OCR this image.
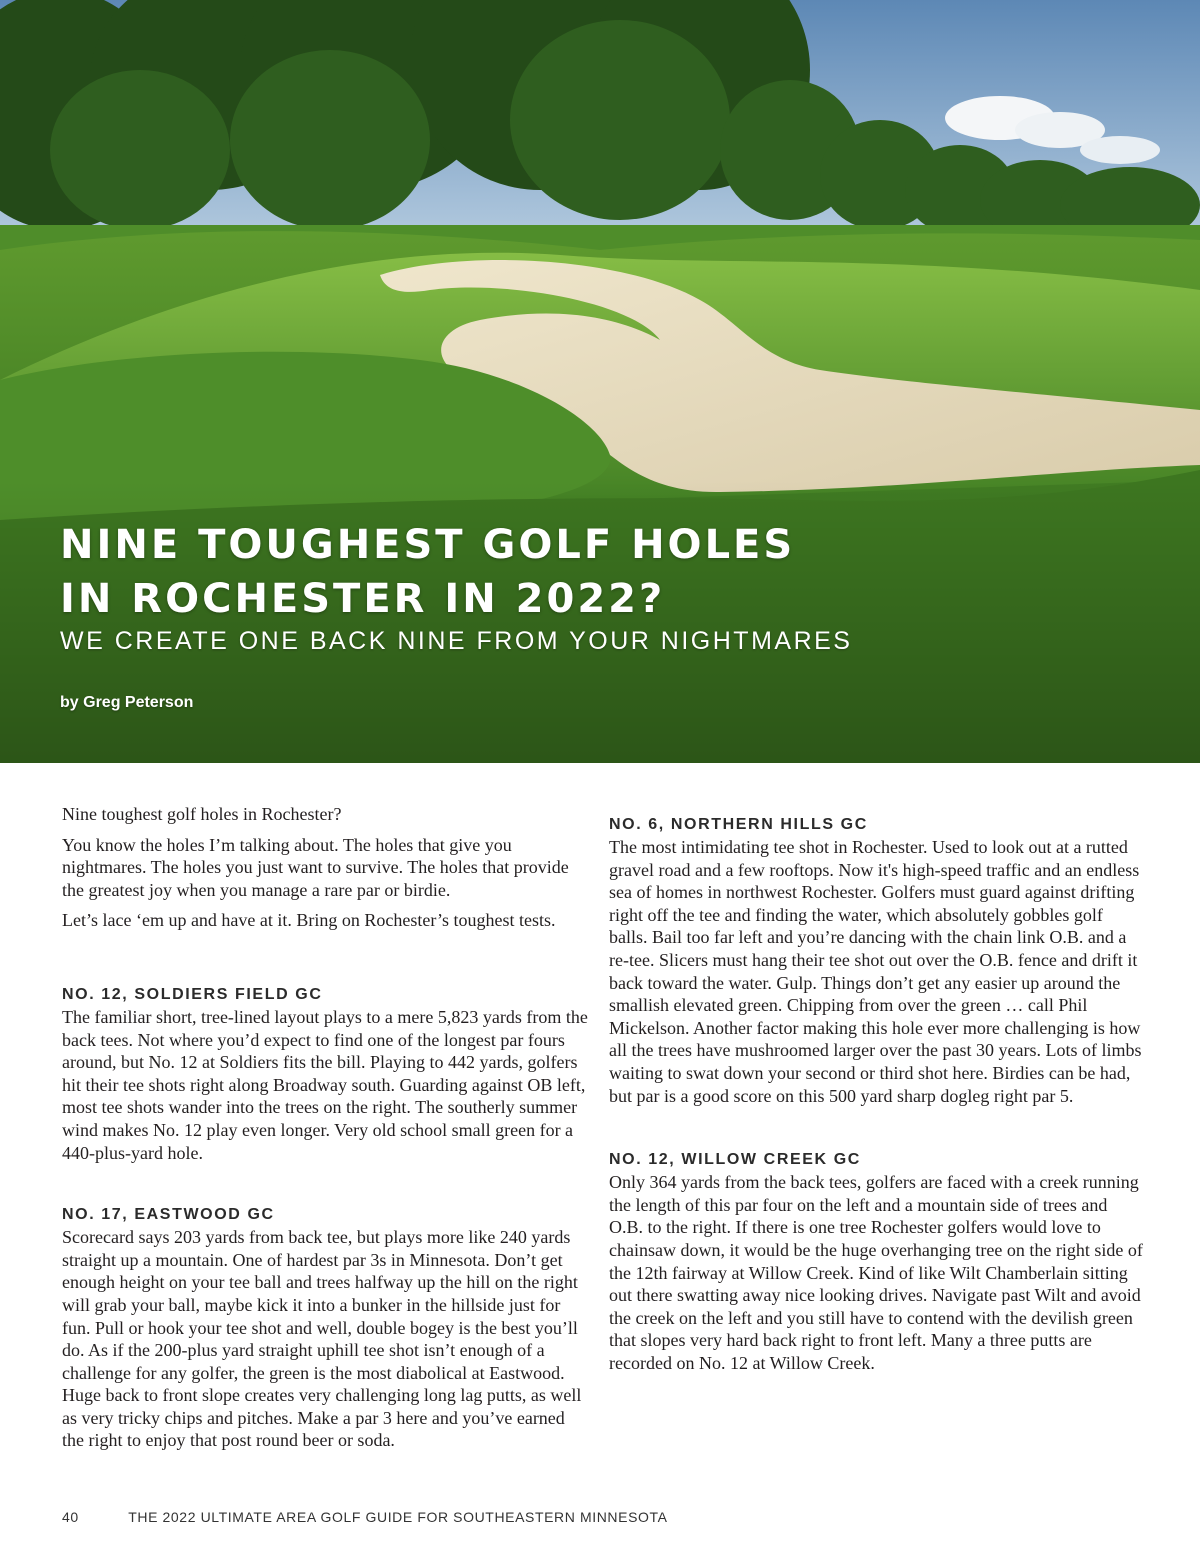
NINE TOUGHEST GOLF HOLES
IN ROCHESTER IN 2022?
WE CREATE ONE BACK NINE FROM YOUR NIGHTMARES
by Greg Peterson

Nine toughest golf holes in Rochester?

You know the holes I’m talking about. The holes that give you nightmares. The holes you just want to survive. The holes that provide the greatest joy when you manage a rare par or birdie.

Let’s lace ‘em up and have at it. Bring on Rochester’s toughest tests.

NO. 12, SOLDIERS FIELD GC

The familiar short, tree-lined layout plays to a mere 5,823 yards from the back tees. Not where you’d expect to find one of the longest par fours around, but No. 12 at Soldiers fits the bill. Playing to 442 yards, golfers hit their tee shots right along Broadway south. Guarding against OB left, most tee shots wander into the trees on the right. The southerly summer wind makes No. 12 play even longer. Very old school small green for a 440-plus-yard hole.

NO. 17, EASTWOOD GC

Scorecard says 203 yards from back tee, but plays more like 240 yards straight up a mountain. One of hardest par 3s in Minnesota. Don’t get enough height on your tee ball and trees halfway up the hill on the right will grab your ball, maybe kick it into a bunker in the hillside just for fun. Pull or hook your tee shot and well, double bogey is the best you’ll do. As if the 200-plus yard straight uphill tee shot isn’t enough of a challenge for any golfer, the green is the most diabolical at Eastwood. Huge back to front slope creates very challenging long lag putts, as well as very tricky chips and pitches. Make a par 3 here and you’ve earned the right to enjoy that post round beer or soda.

NO. 6, NORTHERN HILLS GC

The most intimidating tee shot in Rochester. Used to look out at a rutted gravel road and a few rooftops. Now it's high-speed traffic and an endless sea of homes in northwest Rochester. Golfers must guard against drifting right off the tee and finding the water, which absolutely gobbles golf balls. Bail too far left and you’re dancing with the chain link O.B. and a re-tee. Slicers must hang their tee shot out over the O.B. fence and drift it back toward the water. Gulp. Things don’t get any easier up around the smallish elevated green. Chipping from over the green … call Phil Mickelson. Another factor making this hole ever more challenging is how all the trees have mushroomed larger over the past 30 years. Lots of limbs waiting to swat down your second or third shot here. Birdies can be had, but par is a good score on this 500 yard sharp dogleg right par 5.

NO. 12, WILLOW CREEK GC

Only 364 yards from the back tees, golfers are faced with a creek running the length of this par four on the left and a mountain side of trees and O.B. to the right. If there is one tree Rochester golfers would love to chainsaw down, it would be the huge overhanging tree on the right side of the 12th fairway at Willow Creek. Kind of like Wilt Chamberlain sitting out there swatting away nice looking drives. Navigate past Wilt and avoid the creek on the left and you still have to contend with the devilish green that slopes very hard back right to front left. Many a three putts are recorded on No. 12 at Willow Creek.

40	THE 2022 ULTIMATE AREA GOLF GUIDE FOR SOUTHEASTERN MINNESOTA
